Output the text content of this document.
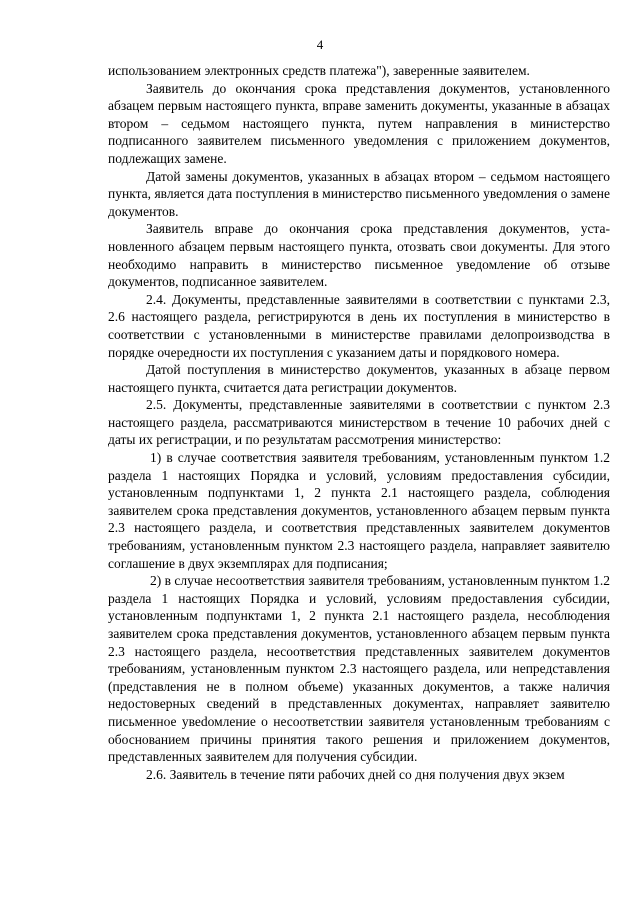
4

использованием электронных средств платежа"), заверенные заявителем.

Заявитель до окончания срока представления документов, установленного абзацем первым настоящего пункта, вправе заменить документы, указанные в абзацах втором – седьмом настоящего пункта, путем направления в министерство подписанного заявителем письменного уведомления с приложением документов, подлежащих замене.

Датой замены документов, указанных в абзацах втором – седьмом настоящего пункта, является дата поступления в министерство письменного уведомления о замене документов.

Заявитель вправе до окончания срока представления документов, установленного абзацем первым настоящего пункта, отозвать свои документы. Для этого необходимо направить в министерство письменное уведомление об отзыве документов, подписанное заявителем.

2.4. Документы, представленные заявителями в соответствии с пунктами 2.3, 2.6 настоящего раздела, регистрируются в день их поступления в министерство в соответствии с установленными в министерстве правилами делопроизводства в порядке очередности их поступления с указанием даты и порядкового номера.

Датой поступления в министерство документов, указанных в абзаце первом настоящего пункта, считается дата регистрации документов.

2.5. Документы, представленные заявителями в соответствии с пунктом 2.3 настоящего раздела, рассматриваются министерством в течение 10 рабочих дней с даты их регистрации, и по результатам рассмотрения министерство:

1) в случае соответствия заявителя требованиям, установленным пунктом 1.2 раздела 1 настоящих Порядка и условий, условиям предоставления субсидии, установленным подпунктами 1, 2 пункта 2.1 настоящего раздела, соблюдения заявителем срока представления документов, установленного абзацем первым пункта 2.3 настоящего раздела, и соответствия представленных заявителем документов требованиям, установленным пунктом 2.3 настоящего раздела, направляет заявителю соглашение в двух экземплярах для подписания;

2) в случае несоответствия заявителя требованиям, установленным пунктом 1.2 раздела 1 настоящих Порядка и условий, условиям предоставления субсидии, установленным подпунктами 1, 2 пункта 2.1 настоящего раздела, несоблюдения заявителем срока представления документов, установленного абзацем первым пункта 2.3 настоящего раздела, несоответствия представленных заявителем документов требованиям, установленным пунктом 2.3 настоящего раздела, или непредставления (представления не в полном объеме) указанных документов, а также наличия недостоверных сведений в представленных документах, направляет заявителю письменное увеdомление о несоответствии заявителя установленным требованиям с обоснованием причины принятия такого решения и приложением документов, представленных заявителем для получения субсидии.

2.6. Заявитель в течение пяти рабочих дней со дня получения двух экзем
